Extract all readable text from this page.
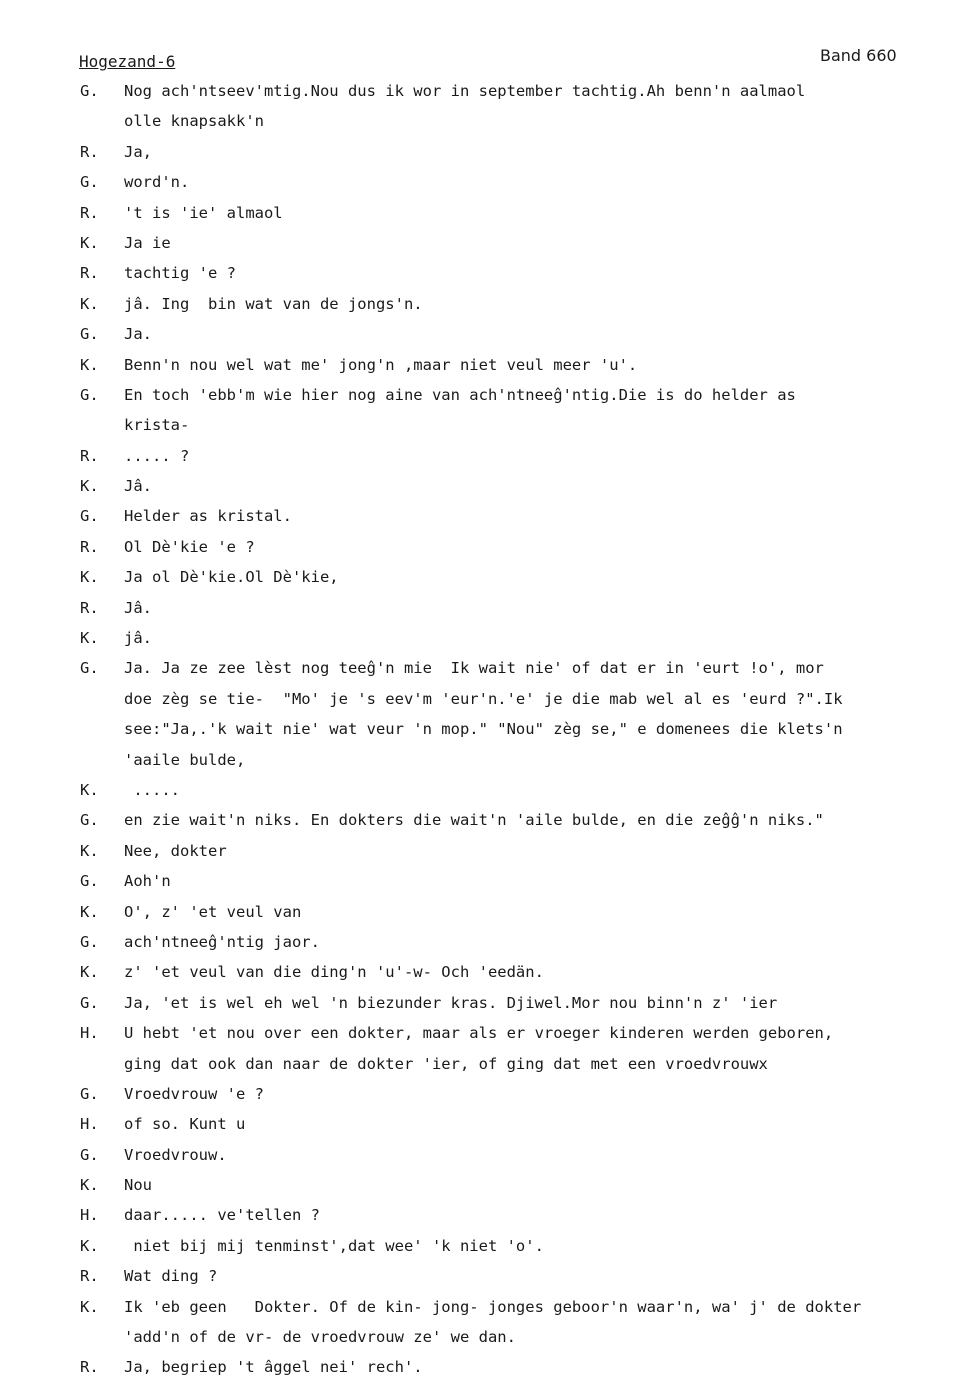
Hogezand-6	Band 660
G.	Nog ach'ntseev'mtig.Nou dus ik wor in september tachtig.Ah benn'n aalmaol
olle knapsakk'n
R.	Ja,
G.	word'n.
R.	't is 'ie' almaol
K.	Ja ie
R.	tachtig 'e ?
K.	jâ. Ing  bin wat van de jongs'n.
G.	Ja.
K.	Benn'n nou wel wat me' jong'n ,maar niet veul meer 'u'.
G.	En toch 'ebb'm wie hier nog aine van ach'ntneeĝ'ntig.Die is do helder as
krista-
R.	..... ?
K.	Jâ.
G.	Helder as kristal.
R.	Ol Dè'kie 'e ?
K.	Ja ol Dè'kie.Ol Dè'kie,
R.	Jâ.
K.	jâ.
G.	Ja. Ja ze zee lèst nog teeĝ'n mie  Ik wait nie' of dat er in 'eurt !o', mor
doe zèg se tie-  "Mo' je 's eev'm 'eur'n.'e' je die mab wel al es 'eurd ?".Ik
see:"Ja,.'k wait nie' wat veur 'n mop." "Nou" zèg se," e domenees die klets'n
'aaile bulde,
K.	.....
G.	en zie wait'n niks. En dokters die wait'n 'aile bulde, en die zeĝĝ'n niks."
K.	Nee, dokter
G.	Aoh'n
K.	O', z' 'et veul van
G.	ach'ntneeĝ'ntig jaor.
K.	z' 'et veul van die ding'n 'u'-w- Och 'eedän.
G.	Ja, 'et is wel eh wel 'n biezunder kras. Djiwel.Mor nou binn'n z' 'ier
H.	U hebt 'et nou over een dokter, maar als er vroeger kinderen werden geboren,
ging dat ook dan naar de dokter 'ier, of ging dat met een vroedvrouwx
G.	Vroedvrouw 'e ?
H.	of so. Kunt u
G.	Vroedvrouw.
K.	Nou
H.	daar..... ve'tellen ?
K.	niet bij mij tenminst',dat wee' 'k niet 'o'.
R.	Wat ding ?
K.	Ik 'eb geen   Dokter. Of de kin- jong- jonges geboor'n waar'n, wa' j' de dokter
'add'n of de vr- de vroedvrouw ze' we dan.
R.	Ja, begriep 't âggel nei' rech'.
